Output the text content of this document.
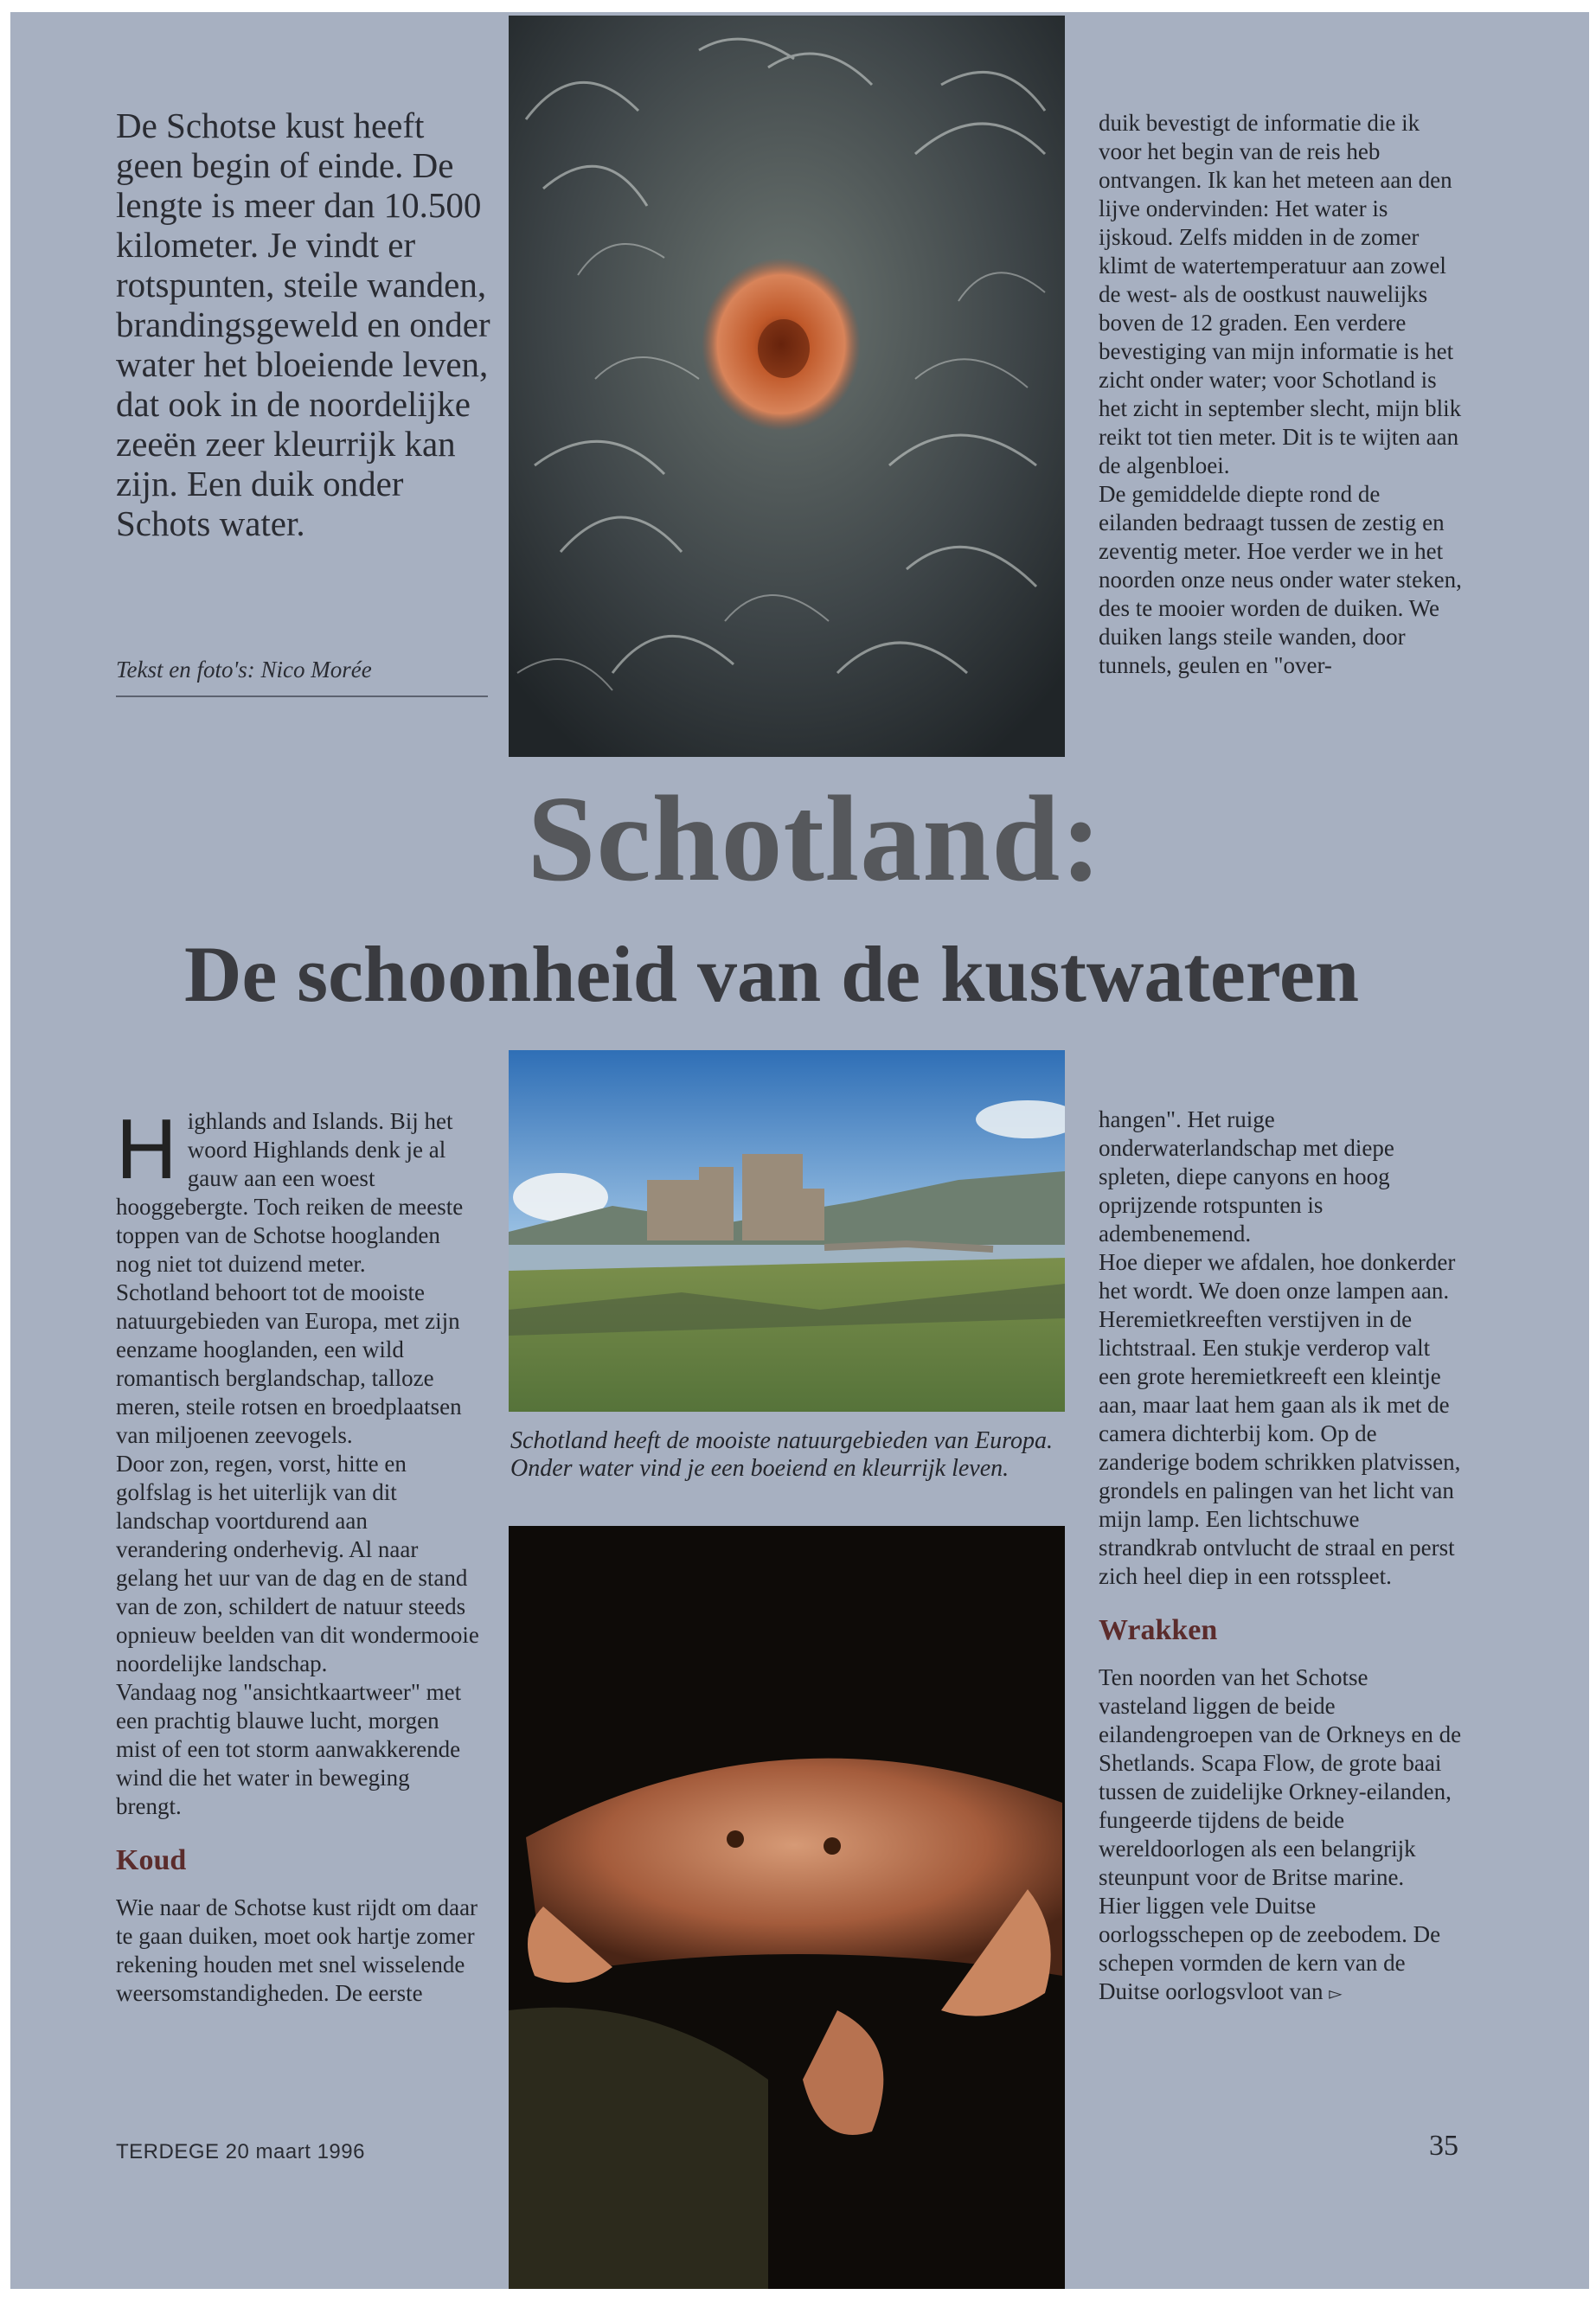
De Schotse kust heeft geen begin of einde. De lengte is meer dan 10.500 kilometer. Je vindt er rotspunten, steile wanden, brandingsgeweld en onder water het bloeiende leven, dat ook in de noordelijke zeeën zeer kleurrijk kan zijn. Een duik onder Schots water.

Tekst en foto's: Nico Morée

duik bevestigt de informatie die ik voor het begin van de reis heb ontvangen. Ik kan het meteen aan den lijve ondervinden: Het water is ijskoud. Zelfs midden in de zomer klimt de watertemperatuur aan zowel de west- als de oostkust nauwelijks boven de 12 graden. Een verdere bevestiging van mijn informatie is het zicht onder water; voor Schotland is het zicht in september slecht, mijn blik reikt tot tien meter. Dit is te wijten aan de algenbloei.

De gemiddelde diepte rond de eilanden bedraagt tussen de zestig en zeventig meter. Hoe verder we in het noorden onze neus onder water steken, des te mooier worden de duiken. We duiken langs steile wanden, door tunnels, geulen en "over-

Schotland:
De schoonheid van de kustwateren

Highlands and Islands. Bij het woord Highlands denk je al gauw aan een woest hooggebergte. Toch reiken de meeste toppen van de Schotse hooglanden nog niet tot duizend meter.

Schotland behoort tot de mooiste natuurgebieden van Europa, met zijn eenzame hooglanden, een wild romantisch berglandschap, talloze meren, steile rotsen en broedplaatsen van miljoenen zeevogels.

Door zon, regen, vorst, hitte en golfslag is het uiterlijk van dit landschap voortdurend aan verandering onderhevig. Al naar gelang het uur van de dag en de stand van de zon, schildert de natuur steeds opnieuw beelden van dit wondermooie noordelijke landschap.

Vandaag nog "ansichtkaartweer" met een prachtig blauwe lucht, morgen mist of een tot storm aanwakkerende wind die het water in beweging brengt.

Koud

Wie naar de Schotse kust rijdt om daar te gaan duiken, moet ook hartje zomer rekening houden met snel wisselende weersomstandigheden. De eerste

Schotland heeft de mooiste natuurgebieden van Europa. Onder water vind je een boeiend en kleurrijk leven.

hangen". Het ruige onderwaterlandschap met diepe spleten, diepe canyons en hoog oprijzende rotspunten is adembenemend.

Hoe dieper we afdalen, hoe donkerder het wordt. We doen onze lampen aan. Heremietkreeften verstijven in de lichtstraal. Een stukje verderop valt een grote heremietkreeft een kleintje aan, maar laat hem gaan als ik met de camera dichterbij kom. Op de zanderige bodem schrikken platvissen, grondels en palingen van het licht van mijn lamp. Een lichtschuwe strandkrab ontvlucht de straal en perst zich heel diep in een rotsspleet.

Wrakken

Ten noorden van het Schotse vasteland liggen de beide eilandengroepen van de Orkneys en de Shetlands. Scapa Flow, de grote baai tussen de zuidelijke Orkney-eilanden, fungeerde tijdens de beide wereldoorlogen als een belangrijk steunpunt voor de Britse marine.

Hier liggen vele Duitse oorlogsschepen op de zeebodem. De schepen vormden de kern van de Duitse oorlogsvloot van ▻

TERDEGE 20 maart 1996	35
